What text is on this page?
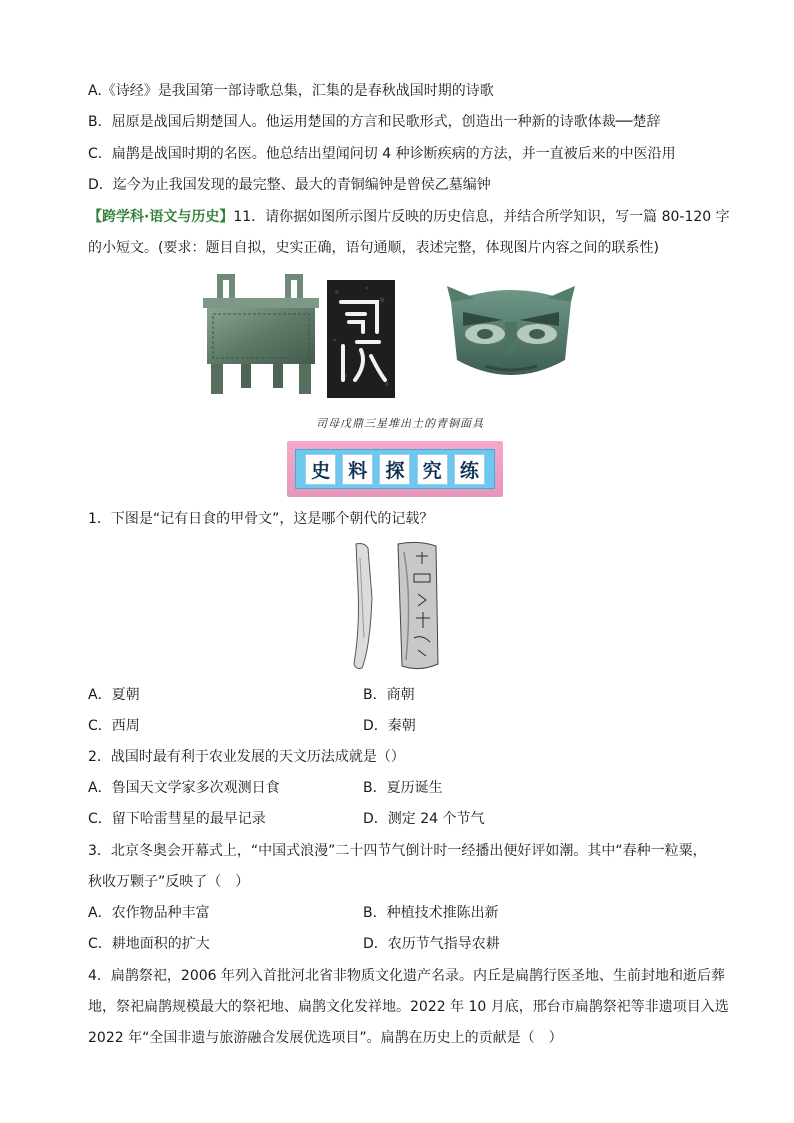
A.《诗经》是我国第一部诗歌总集，汇集的是春秋战国时期的诗歌
B．屈原是战国后期楚国人。他运用楚国的方言和民歌形式，创造出一种新的诗歌体裁──楚辞
C．扁鹊是战国时期的名医。他总结出望闻问切 4 种诊断疾病的方法，并一直被后来的中医沿用
D．迄今为止我国发现的最完整、最大的青铜编钟是曾侯乙墓编钟
【跨学科·语文与历史】11．请你据如图所示图片反映的历史信息，并结合所学知识，写一篇 80-120 字
的小短文。(要求：题目自拟，史实正确，语句通顺，表述完整，体现图片内容之间的联系性)
司母戊鼎三星堆出土的青铜面具
史 料 探 究 练
1．下图是“记有日食的甲骨文”，这是哪个朝代的记载？
A．夏朝	B．商朝
C．西周	D．秦朝
2．战国时最有利于农业发展的天文历法成就是（）
A．鲁国天文学家多次观测日食	B．夏历诞生
C．留下哈雷彗星的最早记录	D．测定 24 个节气
3．北京冬奥会开幕式上，“中国式浪漫”二十四节气倒计时一经播出便好评如潮。其中“春种一粒粟，
秋收万颗子”反映了（　）
A．农作物品种丰富	B．种植技术推陈出新
C．耕地面积的扩大	D．农历节气指导农耕
4．扁鹊祭祀，2006 年列入首批河北省非物质文化遗产名录。内丘是扁鹊行医圣地、生前封地和逝后葬
地，祭祀扁鹊规模最大的祭祀地、扁鹊文化发祥地。2022 年 10 月底，邢台市扁鹊祭祀等非遗项目入选
2022 年“全国非遗与旅游融合发展优选项目”。扁鹊在历史上的贡献是（　）
